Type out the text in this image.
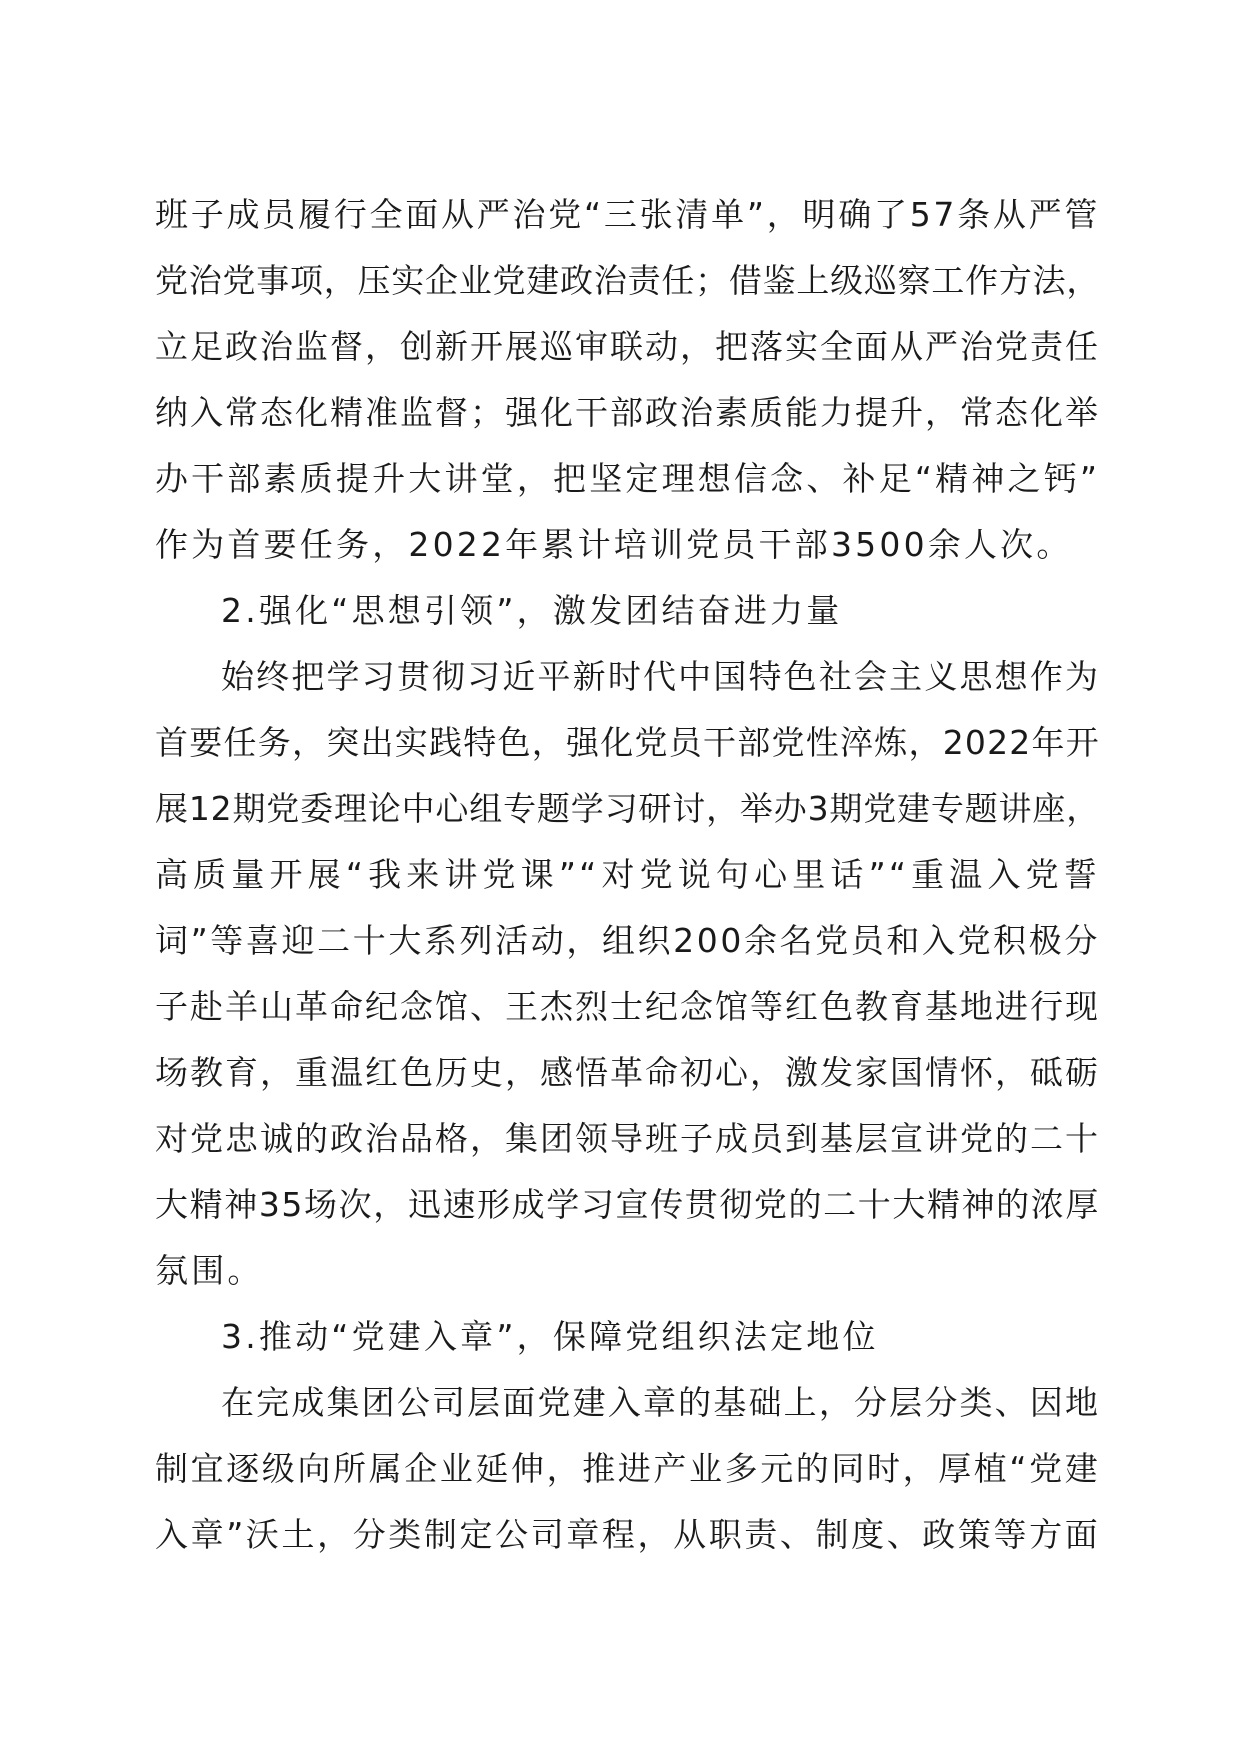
班子成员履行全面从严治党“三张清单”，明确了57条从严管
党治党事项，压实企业党建政治责任；借鉴上级巡察工作方法，
立足政治监督，创新开展巡审联动，把落实全面从严治党责任
纳入常态化精准监督；强化干部政治素质能力提升，常态化举
办干部素质提升大讲堂，把坚定理想信念、补足“精神之钙”
作为首要任务，2022年累计培训党员干部3500余人次。
2.强化“思想引领”，激发团结奋进力量
始终把学习贯彻习近平新时代中国特色社会主义思想作为
首要任务，突出实践特色，强化党员干部党性淬炼，2022年开
展12期党委理论中心组专题学习研讨，举办3期党建专题讲座，
高质量开展“我来讲党课”“对党说句心里话”“重温入党誓
词”等喜迎二十大系列活动，组织200余名党员和入党积极分
子赴羊山革命纪念馆、王杰烈士纪念馆等红色教育基地进行现
场教育，重温红色历史，感悟革命初心，激发家国情怀，砥砺
对党忠诚的政治品格，集团领导班子成员到基层宣讲党的二十
大精神35场次，迅速形成学习宣传贯彻党的二十大精神的浓厚
氛围。
3.推动“党建入章”，保障党组织法定地位
在完成集团公司层面党建入章的基础上，分层分类、因地
制宜逐级向所属企业延伸，推进产业多元的同时，厚植“党建
入章”沃土，分类制定公司章程，从职责、制度、政策等方面
